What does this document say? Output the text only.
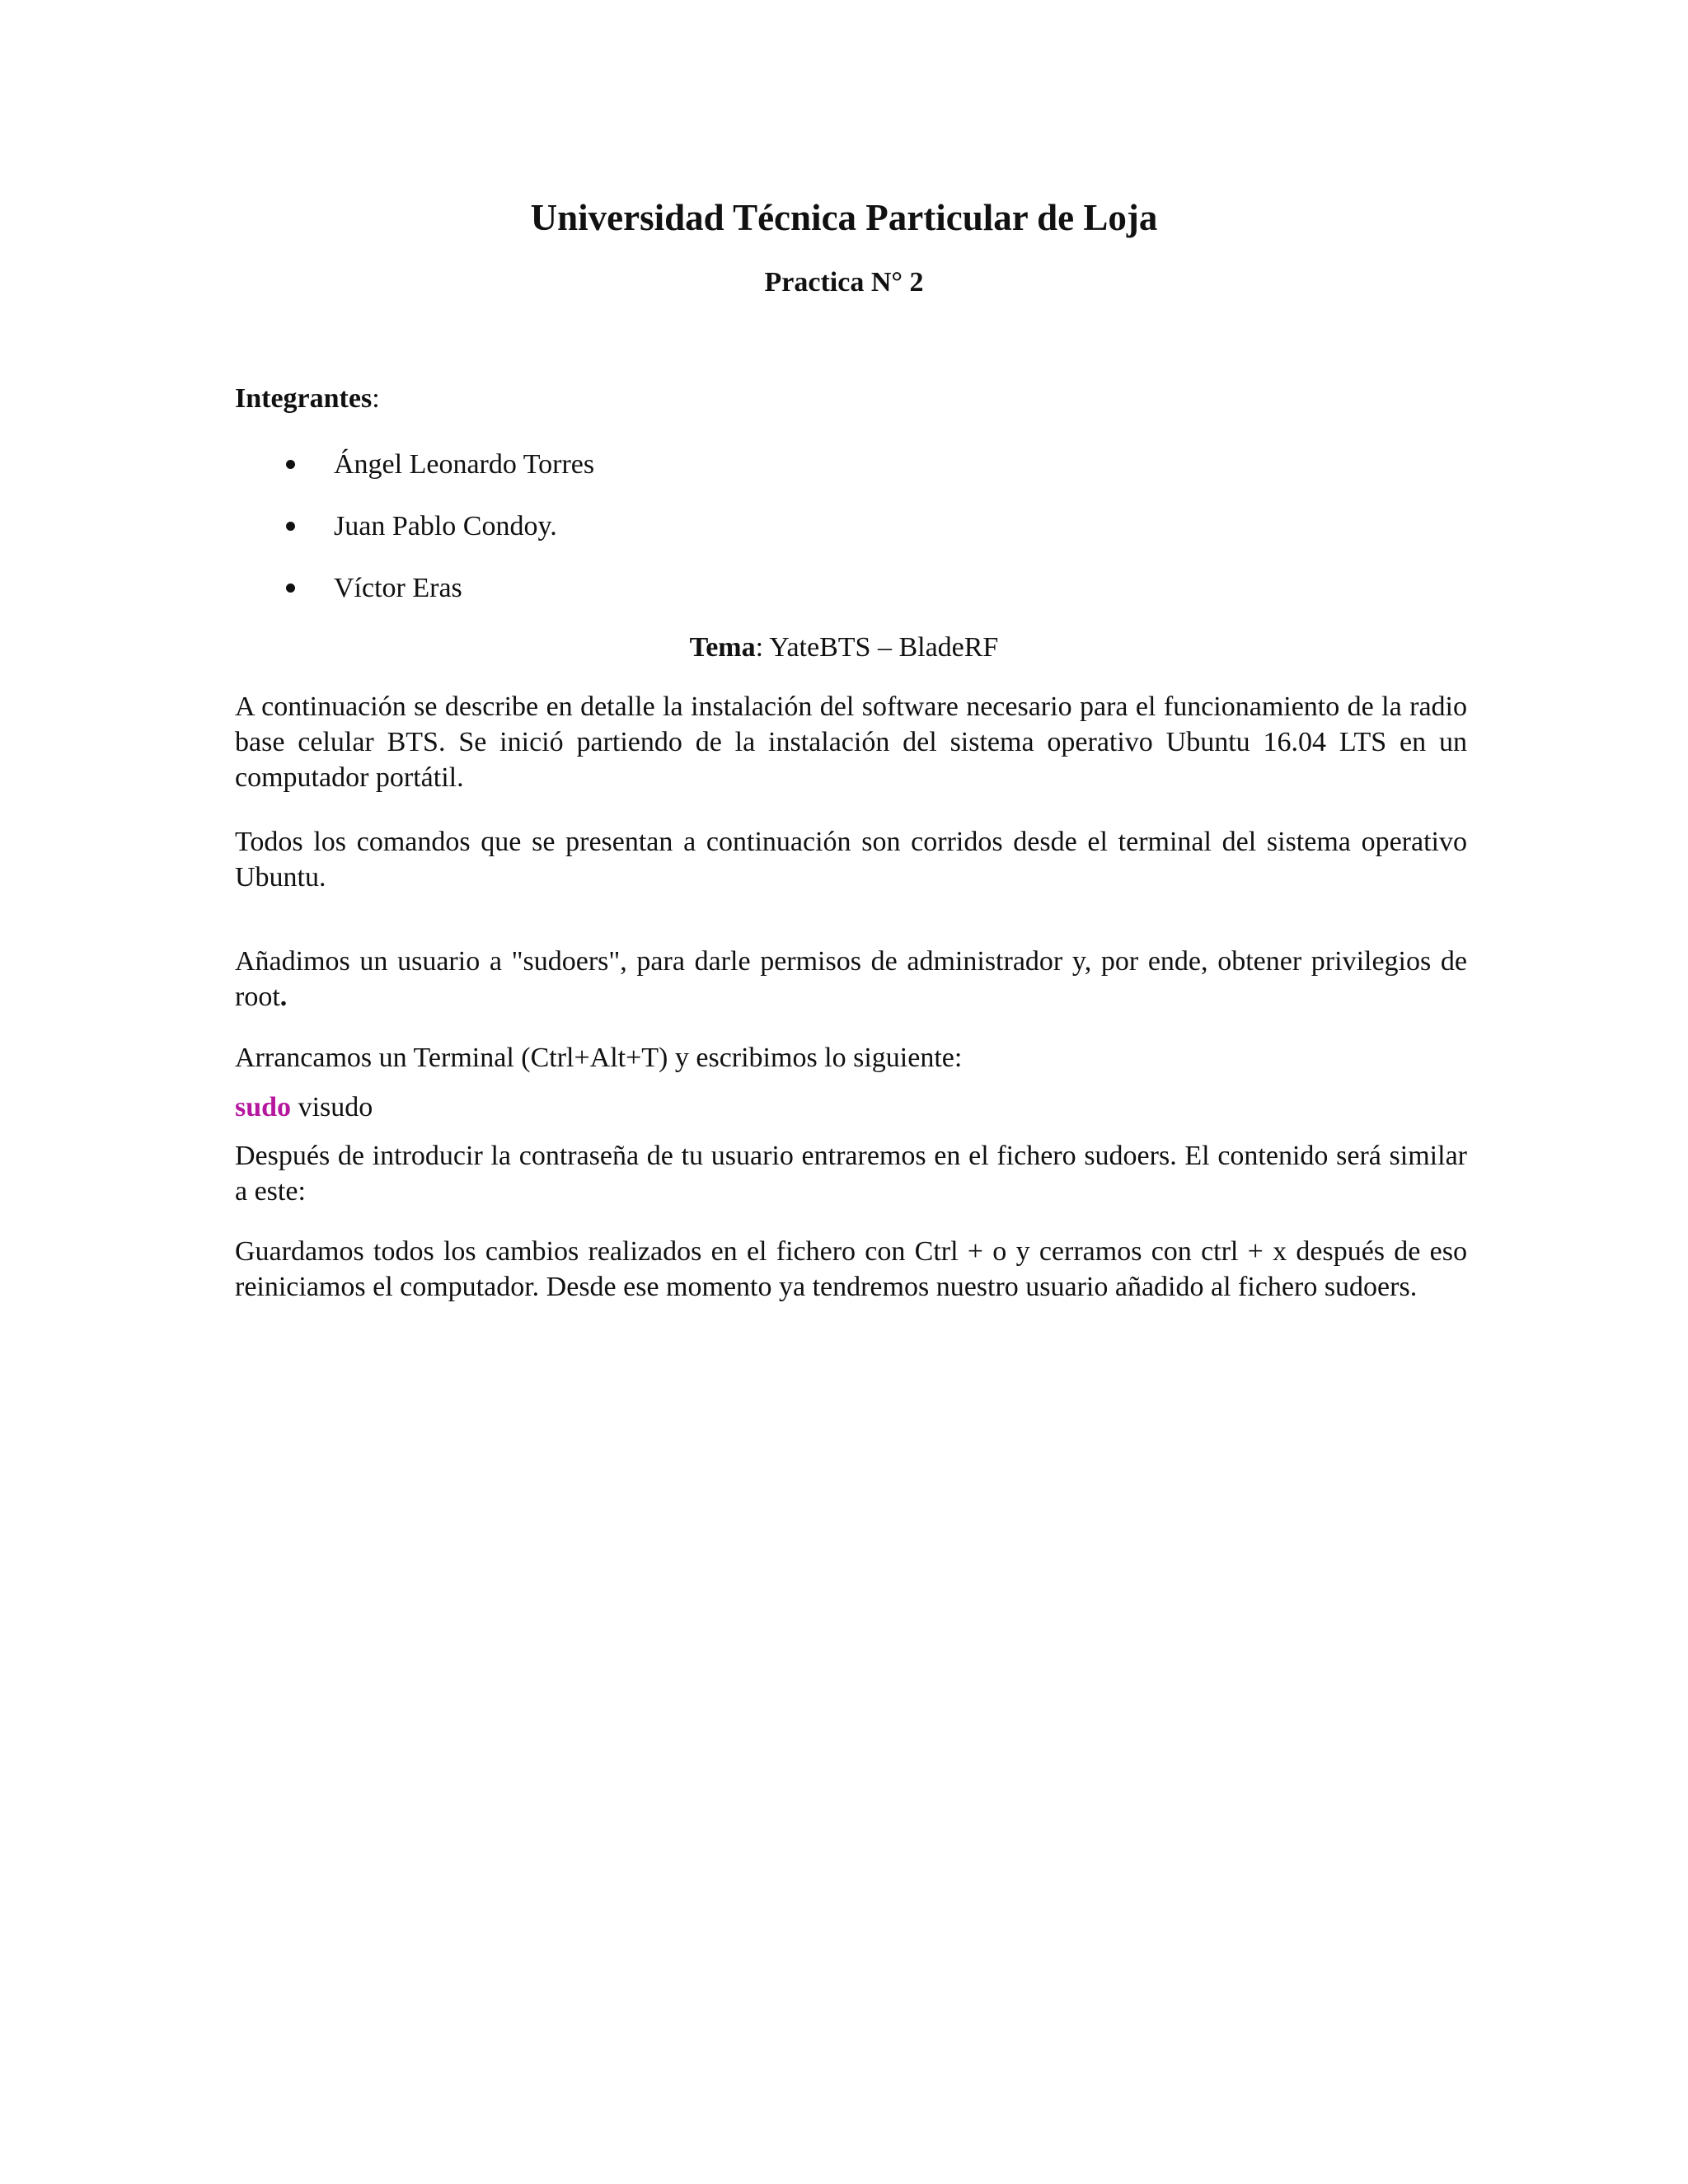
Universidad Técnica Particular de Loja
Practica N° 2
Integrantes:
Ángel Leonardo Torres
Juan Pablo Condoy.
Víctor Eras
Tema: YateBTS – BladeRF
A continuación se describe en detalle la instalación del software necesario para el funcionamiento de la radio base celular BTS. Se inició partiendo de la instalación del sistema operativo Ubuntu 16.04 LTS en un computador portátil.
Todos los comandos que se presentan a continuación son corridos desde el terminal del sistema operativo Ubuntu.
Añadimos un usuario a "sudoers", para darle permisos de administrador y, por ende, obtener privilegios de root.
Arrancamos un Terminal (Ctrl+Alt+T) y escribimos lo siguiente:
sudo visudo
Después de introducir la contraseña de tu usuario entraremos en el fichero sudoers. El contenido será similar a este:
Guardamos todos los cambios realizados en el fichero con Ctrl + o y cerramos con ctrl + x después de eso reiniciamos el computador. Desde ese momento ya tendremos nuestro usuario añadido al fichero sudoers.
